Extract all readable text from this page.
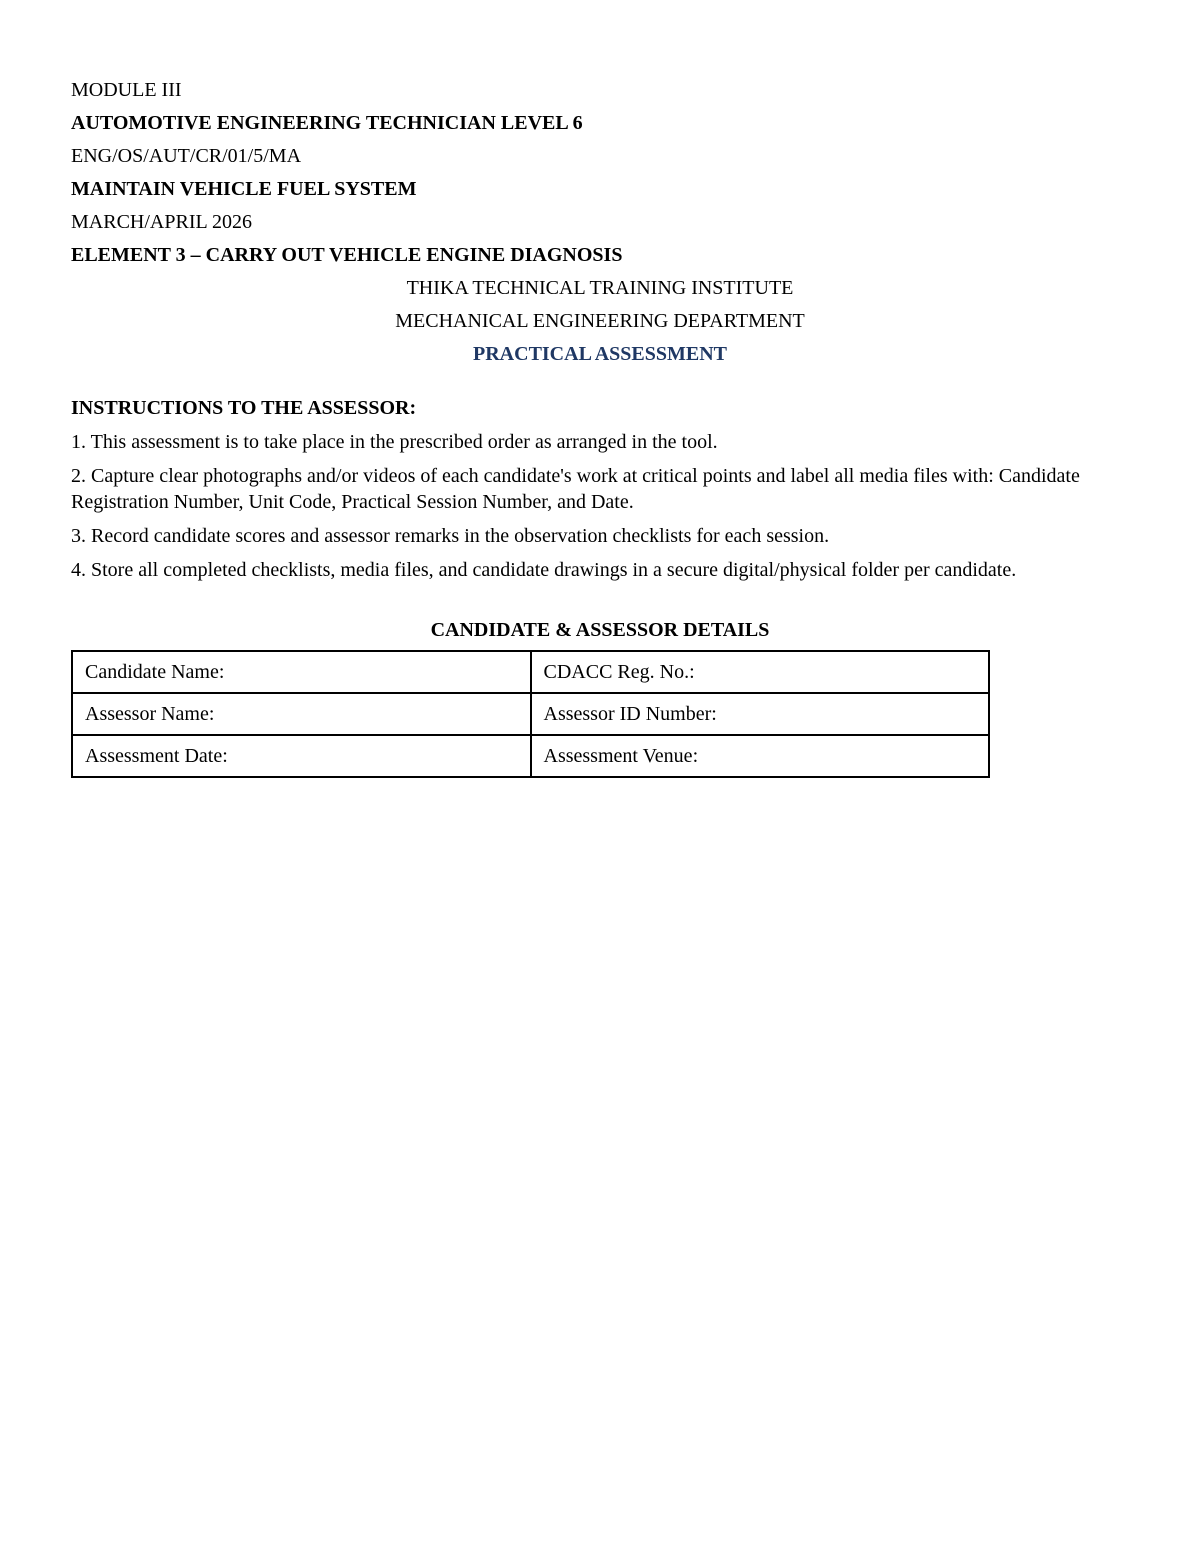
MODULE III
AUTOMOTIVE ENGINEERING TECHNICIAN LEVEL 6
ENG/OS/AUT/CR/01/5/MA
MAINTAIN VEHICLE FUEL SYSTEM
MARCH/APRIL 2026
ELEMENT 3 – CARRY OUT VEHICLE ENGINE DIAGNOSIS
THIKA TECHNICAL TRAINING INSTITUTE
MECHANICAL ENGINEERING DEPARTMENT
PRACTICAL ASSESSMENT
INSTRUCTIONS TO THE ASSESSOR:
1. This assessment is to take place in the prescribed order as arranged in the tool.
2. Capture clear photographs and/or videos of each candidate's work at critical points and label all media files with: Candidate Registration Number, Unit Code, Practical Session Number, and Date.
3. Record candidate scores and assessor remarks in the observation checklists for each session.
4. Store all completed checklists, media files, and candidate drawings in a secure digital/physical folder per candidate.
CANDIDATE & ASSESSOR DETAILS
Candidate Name:	CDACC Reg. No.:
Assessor Name:	Assessor ID Number:
Assessment Date:	Assessment Venue:
